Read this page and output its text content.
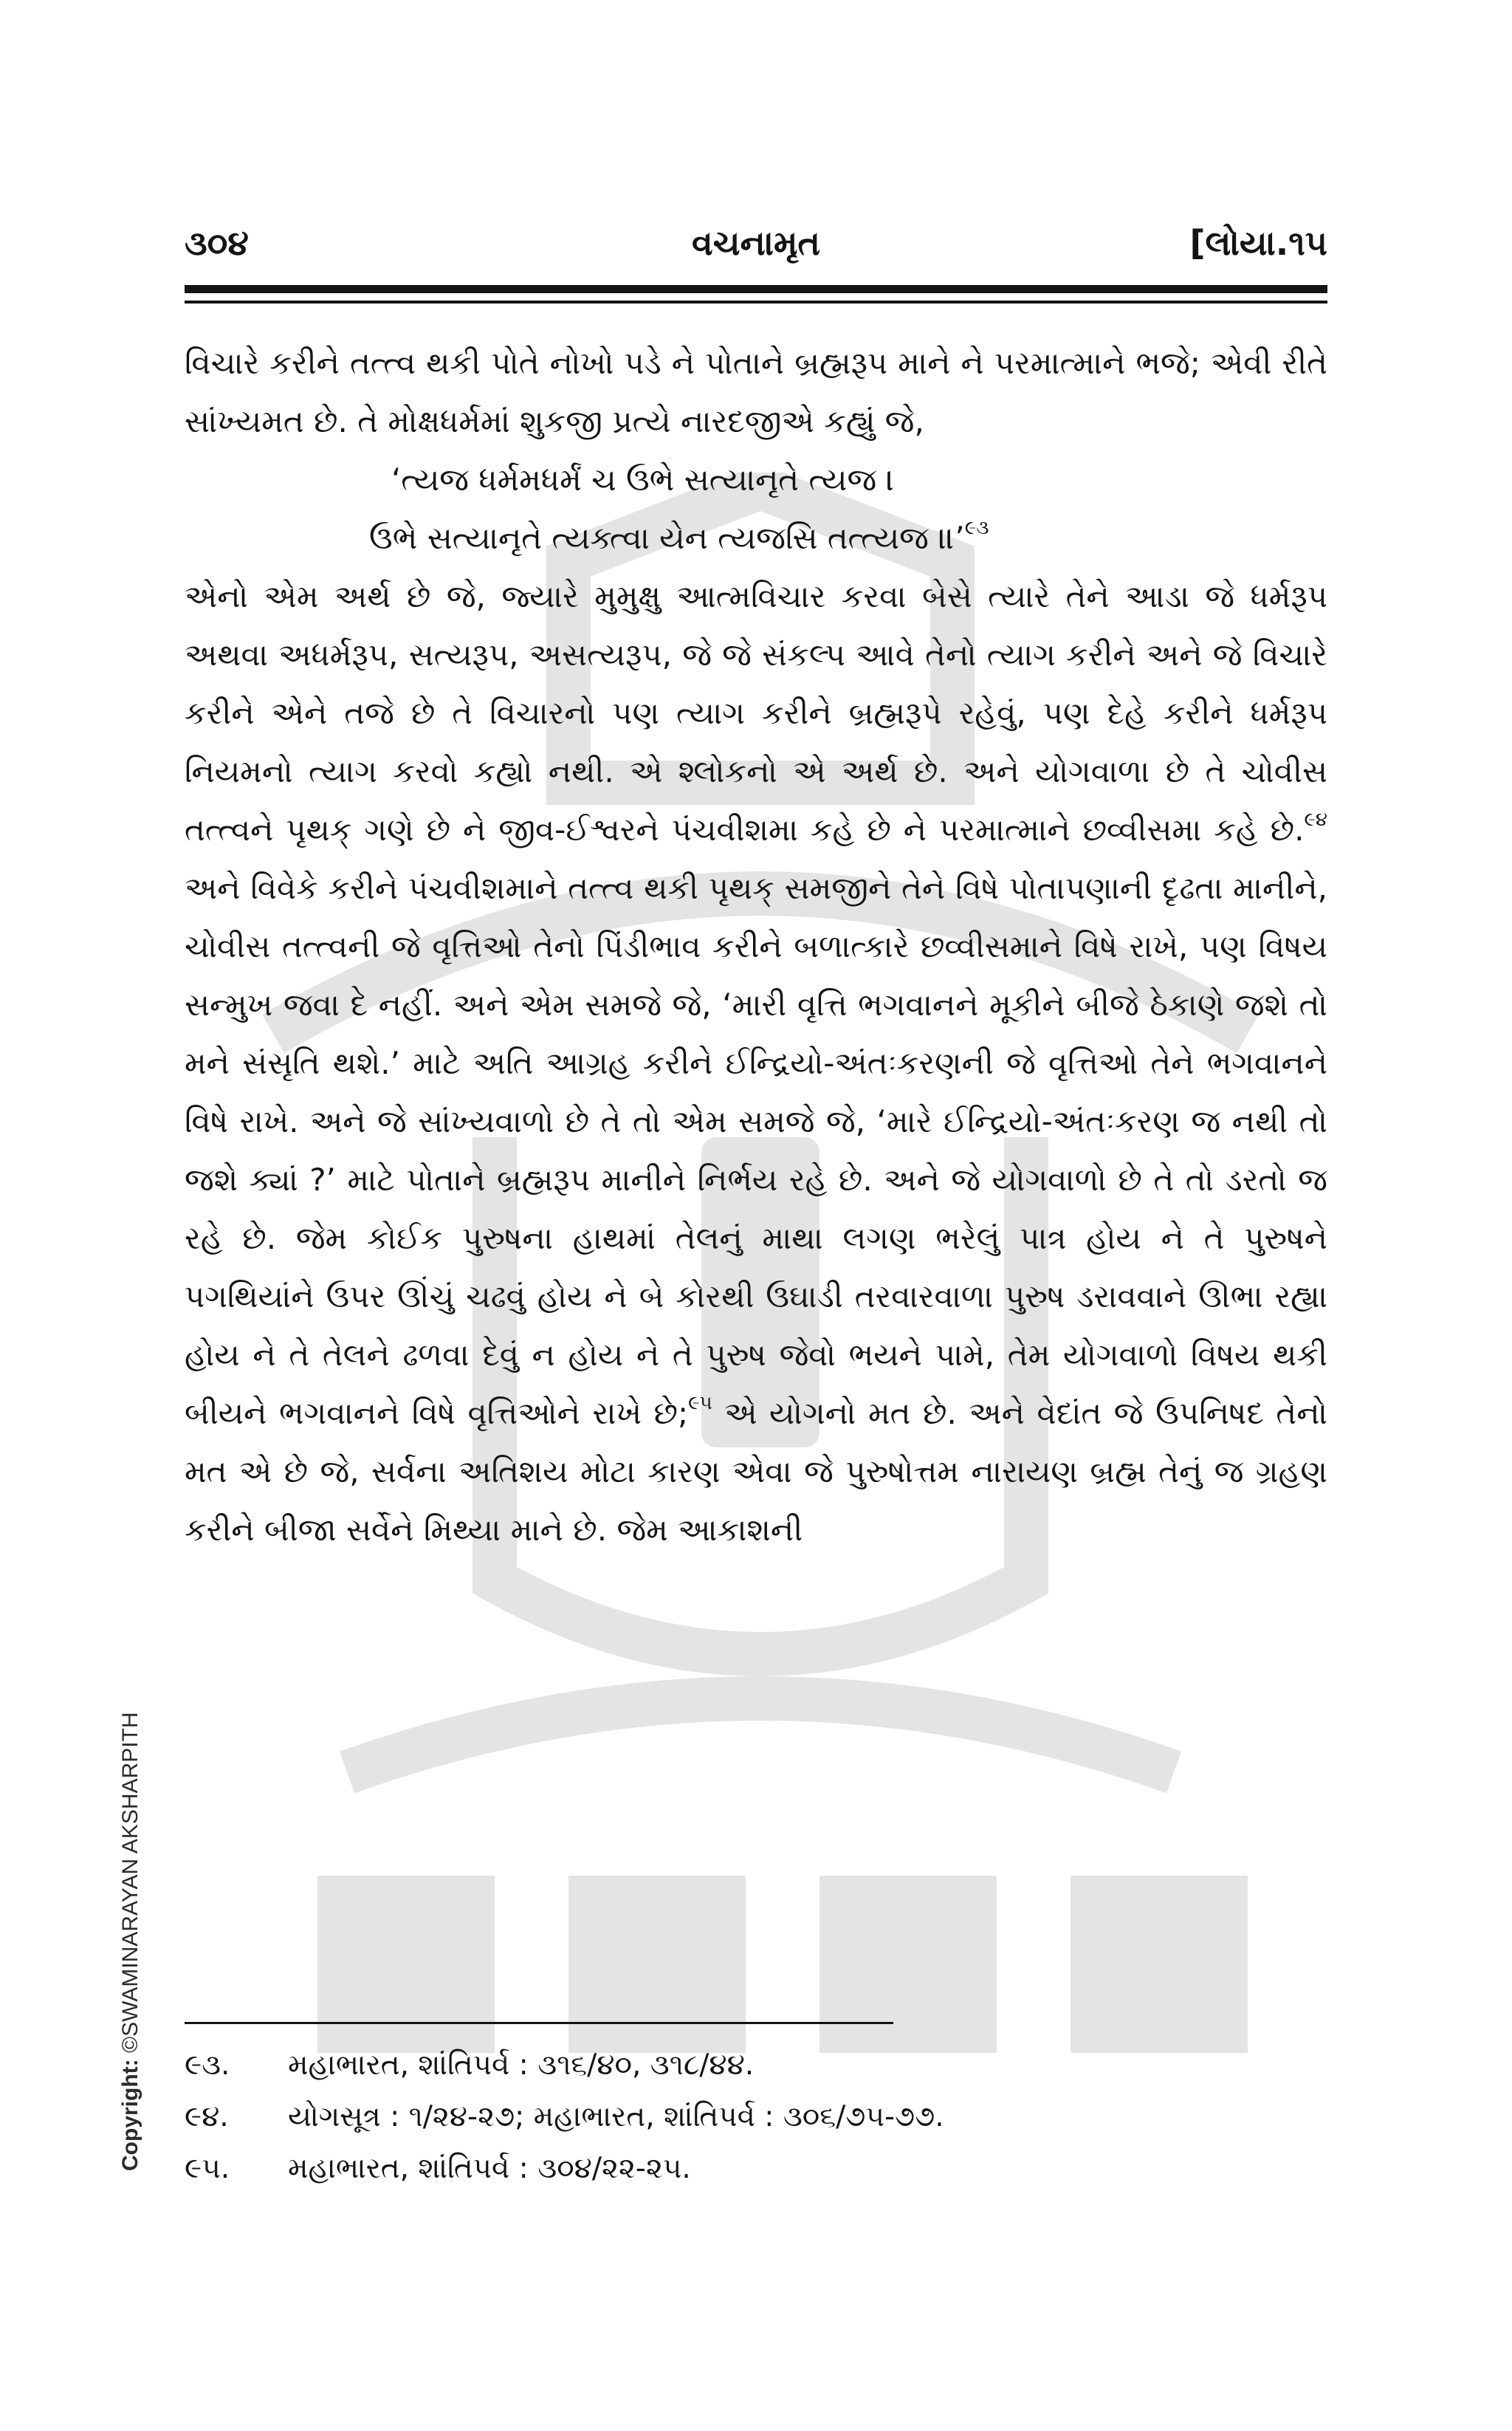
૩૦૪	વચનામૃત	[લોયા.૧૫

વિચારે કરીને તત્ત્વ થકી પોતે નોખો પડે ને પોતાને બ્રહ્મરૂપ માને ને પરમાત્માને ભજે; એવી રીતે સાંખ્યમત છે. તે મોક્ષધર્મમાં શુકજી પ્રત્યે નારદજીએ કહ્યું જે,

‘ત્યજ ધર્મમધર્મં ચ ઉભે સત્યાનૃતે ત્યજ ।

ઉભે સત્યાનૃતે ત્યક્ત્વા યેન ત્યજસિ તત્ત્યજ ॥’$^{૯૩}$

એનો એમ અર્થ છે જે, જ્યારે મુમુક્ષુ આત્મવિચાર કરવા બેસે ત્યારે તેને આડા જે ધર્મરૂપ અથવા અધર્મરૂપ, સત્યરૂપ, અસત્યરૂપ, જે જે સંકલ્પ આવે તેનો ત્યાગ કરીને અને જે વિચારે કરીને એને તજે છે તે વિચારનો પણ ત્યાગ કરીને બ્રહ્મરૂપે રહેવું, પણ દેહે કરીને ધર્મરૂપ નિયમનો ત્યાગ કરવો કહ્યો નથી. એ શ્લોકનો એ અર્થ છે. અને યોગવાળા છે તે ચોવીસ તત્ત્વને પૃથક્ ગણે છે ને જીવ-ઈશ્વરને પંચવીશમા કહે છે ને પરમાત્માને છવ્વીસમા કહે છે.$^{૯૪}$ અને વિવેકે કરીને પંચવીશમાને તત્ત્વ થકી પૃથક્ સમજીને તેને વિષે પોતાપણાની દૃઢતા માનીને, ચોવીસ તત્ત્વની જે વૃત્તિઓ તેનો પિંડીભાવ કરીને બળાત્કારે છવ્વીસમાને વિષે રાખે, પણ વિષય સન્મુખ જવા દે નહીં. અને એમ સમજે જે, ‘મારી વૃત્તિ ભગવાનને મૂકીને બીજે ઠેકાણે જશે તો મને સંસૃતિ થશે.’ માટે અતિ આગ્રહ કરીને ઈન્દ્રિયો-અંતઃકરણની જે વૃત્તિઓ તેને ભગવાનને વિષે રાખે. અને જે સાંખ્યવાળો છે તે તો એમ સમજે જે, ‘મારે ઈન્દ્રિયો-અંતઃકરણ જ નથી તો જશે ક્યાં ?’ માટે પોતાને બ્રહ્મરૂપ માનીને નિર્ભય રહે છે. અને જે યોગવાળો છે તે તો ડરતો જ રહે છે. જેમ કોઈક પુરુષના હાથમાં તેલનું માથા લગણ ભરેલું પાત્ર હોય ને તે પુરુષને પગથિયાંને ઉપર ઊંચું ચઢવું હોય ને બે કોરથી ઉઘાડી તરવારવાળા પુરુષ ડરાવવાને ઊભા રહ્યા હોય ને તે તેલને ઢળવા દેવું ન હોય ને તે પુરુષ જેવો ભયને પામે, તેમ યોગવાળો વિષય થકી બીયને ભગવાનને વિષે વૃત્તિઓને રાખે છે;$^{૯૫}$ એ યોગનો મત છે. અને વેદાંત જે ઉપનિષદ તેનો મત એ છે જે, સર્વના અતિશય મોટા કારણ એવા જે પુરુષોત્તમ નારાયણ બ્રહ્મ તેનું જ ગ્રહણ કરીને બીજા સર્વેને મિથ્યા માને છે. જેમ આકાશની

૯૩.	મહાભારત, શાંતિપર્વ : ૩૧૬/૪૦, ૩૧૮/૪૪.
૯૪.	યોગસૂત્ર : ૧/૨૪-૨૭; મહાભારત, શાંતિપર્વ : ૩૦૬/૭૫-૭૭.
૯૫.	મહાભારત, શાંતિપર્વ : ૩૦૪/૨૨-૨૫.
Copyright: ©SWAMINARAYAN AKSHARPITH
